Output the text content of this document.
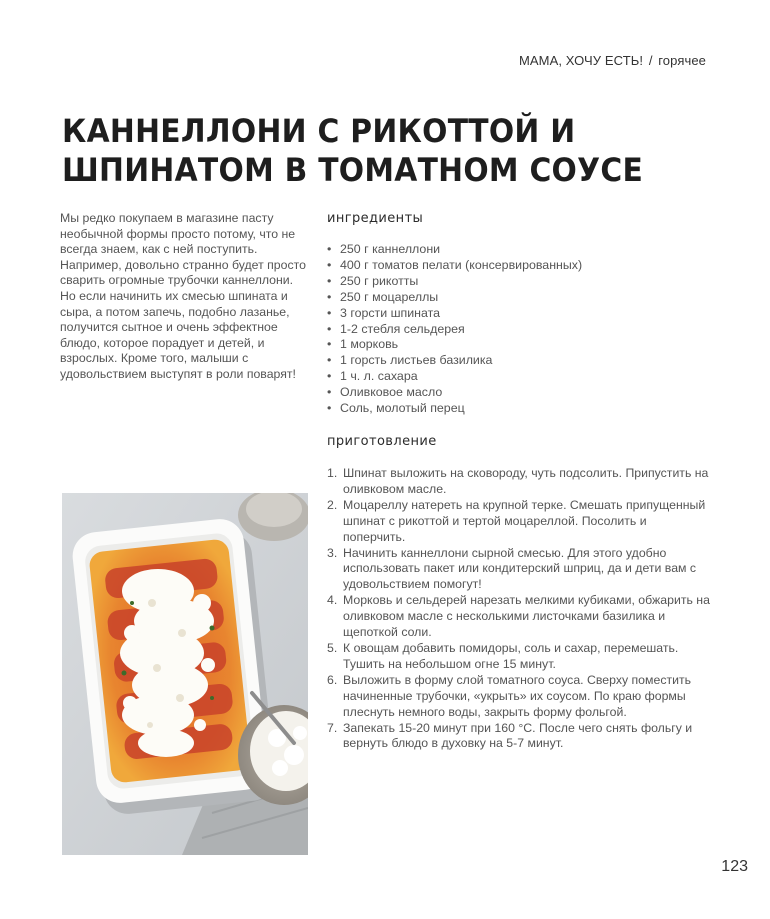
МАМА, ХОЧУ ЕСТЬ! / горячее
КАННЕЛЛОНИ С РИКОТТОЙ И
ШПИНАТОМ В ТОМАТНОМ СОУСЕ

Мы редко покупаем в магазине пасту необычной формы просто потому, что не всегда знаем, как с ней поступить. Например, довольно странно будет просто сварить огромные трубочки каннеллони. Но если начинить их смесью шпината и сыра, а потом запечь, подобно лазанье, получится сытное и очень эффектное блюдо, которое порадует и детей, и взрослых. Кроме того, малыши с удовольствием выступят в роли поварят!

ингредиенты
• 250 г каннеллони
• 400 г томатов пелати (консервированных)
• 250 г рикотты
• 250 г моцареллы
• 3 горсти шпината
• 1-2 стебля сельдерея
• 1 морковь
• 1 горсть листьев базилика
• 1 ч. л. сахара
• Оливковое масло
• Соль, молотый перец
приготовление
1. Шпинат выложить на сковороду, чуть подсолить. Припустить на оливковом масле.
2. Моцареллу натереть на крупной терке. Смешать припущенный шпинат с рикоттой и тертой моцареллой. Посолить и поперчить.
3. Начинить каннеллони сырной смесью. Для этого удобно использовать пакет или кондитерский шприц, да и дети вам с удовольствием помогут!
4. Морковь и сельдерей нарезать мелкими кубиками, обжарить на оливковом масле с несколькими листочками базилика и щепоткой соли.
5. К овощам добавить помидоры, соль и сахар, перемешать. Тушить на небольшом огне 15 минут.
6. Выложить в форму слой томатного соуса. Сверху поместить начиненные трубочки, «укрыть» их соусом. По краю формы плеснуть немного воды, закрыть форму фольгой.
7. Запекать 15-20 минут при 160 °С. После чего снять фольгу и вернуть блюдо в духовку на 5-7 минут.
123
